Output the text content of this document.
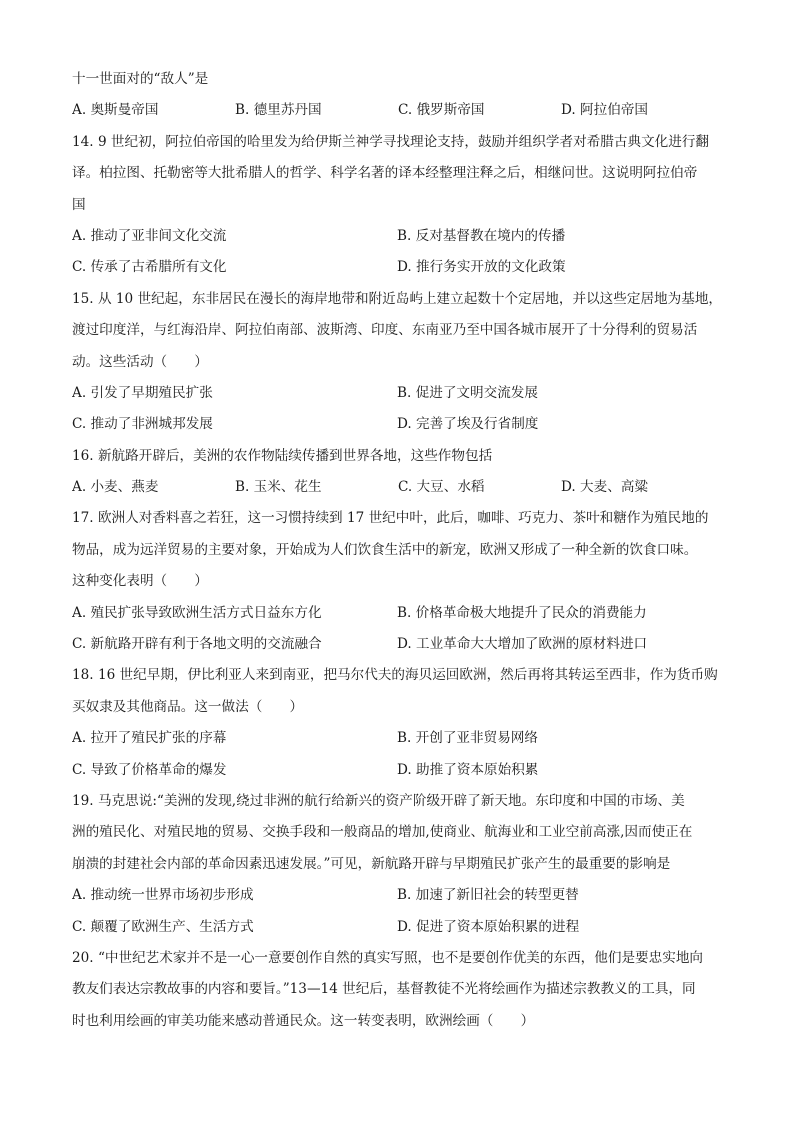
十一世面对的“敌人”是
A. 奥斯曼帝国	B. 德里苏丹国	C. 俄罗斯帝国	D. 阿拉伯帝国
14. 9 世纪初，阿拉伯帝国的哈里发为给伊斯兰神学寻找理论支持，鼓励并组织学者对希腊古典文化进行翻
译。柏拉图、托勒密等大批希腊人的哲学、科学名著的译本经整理注释之后，相继问世。这说明阿拉伯帝
国
A. 推动了亚非间文化交流	B. 反对基督教在境内的传播
C. 传承了古希腊所有文化	D. 推行务实开放的文化政策
15. 从 10 世纪起，东非居民在漫长的海岸地带和附近岛屿上建立起数十个定居地，并以这些定居地为基地，
渡过印度洋，与红海沿岸、阿拉伯南部、波斯湾、印度、东南亚乃至中国各城市展开了十分得利的贸易活
动。这些活动（　　）
A. 引发了早期殖民扩张	B. 促进了文明交流发展
C. 推动了非洲城邦发展	D. 完善了埃及行省制度
16. 新航路开辟后，美洲的农作物陆续传播到世界各地，这些作物包括
A. 小麦、燕麦	B. 玉米、花生	C. 大豆、水稻	D. 大麦、高粱
17. 欧洲人对香料喜之若狂，这一习惯持续到 17 世纪中叶，此后，咖啡、巧克力、茶叶和糖作为殖民地的
物品，成为远洋贸易的主要对象，开始成为人们饮食生活中的新宠，欧洲又形成了一种全新的饮食口味。
这种变化表明（　　）
A. 殖民扩张导致欧洲生活方式日益东方化	B. 价格革命极大地提升了民众的消费能力
C. 新航路开辟有利于各地文明的交流融合	D. 工业革命大大增加了欧洲的原材料进口
18. 16 世纪早期，伊比利亚人来到南亚，把马尔代夫的海贝运回欧洲，然后再将其转运至西非，作为货币购
买奴隶及其他商品。这一做法（　　）
A. 拉开了殖民扩张的序幕	B. 开创了亚非贸易网络
C. 导致了价格革命的爆发	D. 助推了资本原始积累
19. 马克思说:“美洲的发现,绕过非洲的航行给新兴的资产阶级开辟了新天地。东印度和中国的市场、美
洲的殖民化、对殖民地的贸易、交换手段和一般商品的增加,使商业、航海业和工业空前高涨,因而使正在
崩溃的封建社会内部的革命因素迅速发展。”可见，新航路开辟与早期殖民扩张产生的最重要的影响是
A. 推动统一世界市场初步形成	B. 加速了新旧社会的转型更替
C. 颠覆了欧洲生产、生活方式	D. 促进了资本原始积累的进程
20. “中世纪艺术家并不是一心一意要创作自然的真实写照，也不是要创作优美的东西，他们是要忠实地向
教友们表达宗教故事的内容和要旨。”13—14 世纪后，基督教徒不光将绘画作为描述宗教教义的工具，同
时也利用绘画的审美功能来感动普通民众。这一转变表明，欧洲绘画（　　）
